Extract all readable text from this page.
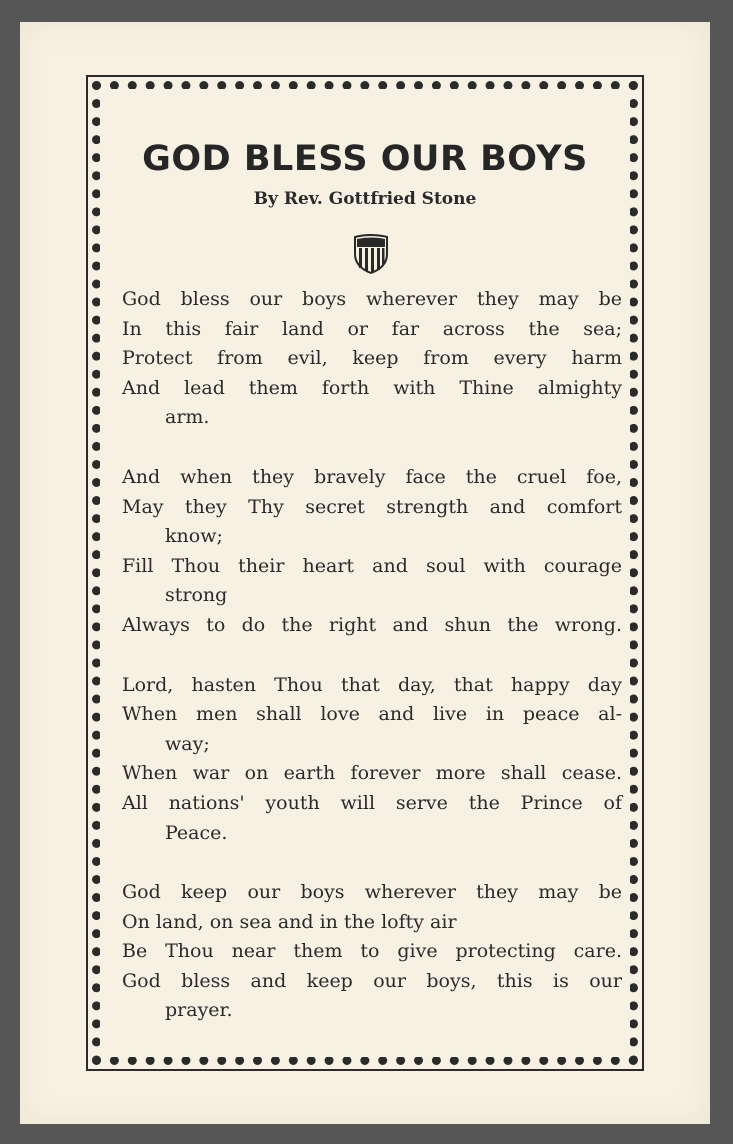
GOD BLESS OUR BOYS
By Rev. Gottfried Stone
God bless our boys wherever they may be
In this fair land or far across the sea;
Protect from evil, keep from every harm
And lead them forth with Thine almighty
arm.
And when they bravely face the cruel foe,
May they Thy secret strength and comfort
know;
Fill Thou their heart and soul with courage
strong
Always to do the right and shun the wrong.
Lord, hasten Thou that day, that happy day
When men shall love and live in peace al-
way;
When war on earth forever more shall cease.
All nations' youth will serve the Prince of
Peace.
God keep our boys wherever they may be
On land, on sea and in the lofty air
Be Thou near them to give protecting care.
God bless and keep our boys, this is our
prayer.
